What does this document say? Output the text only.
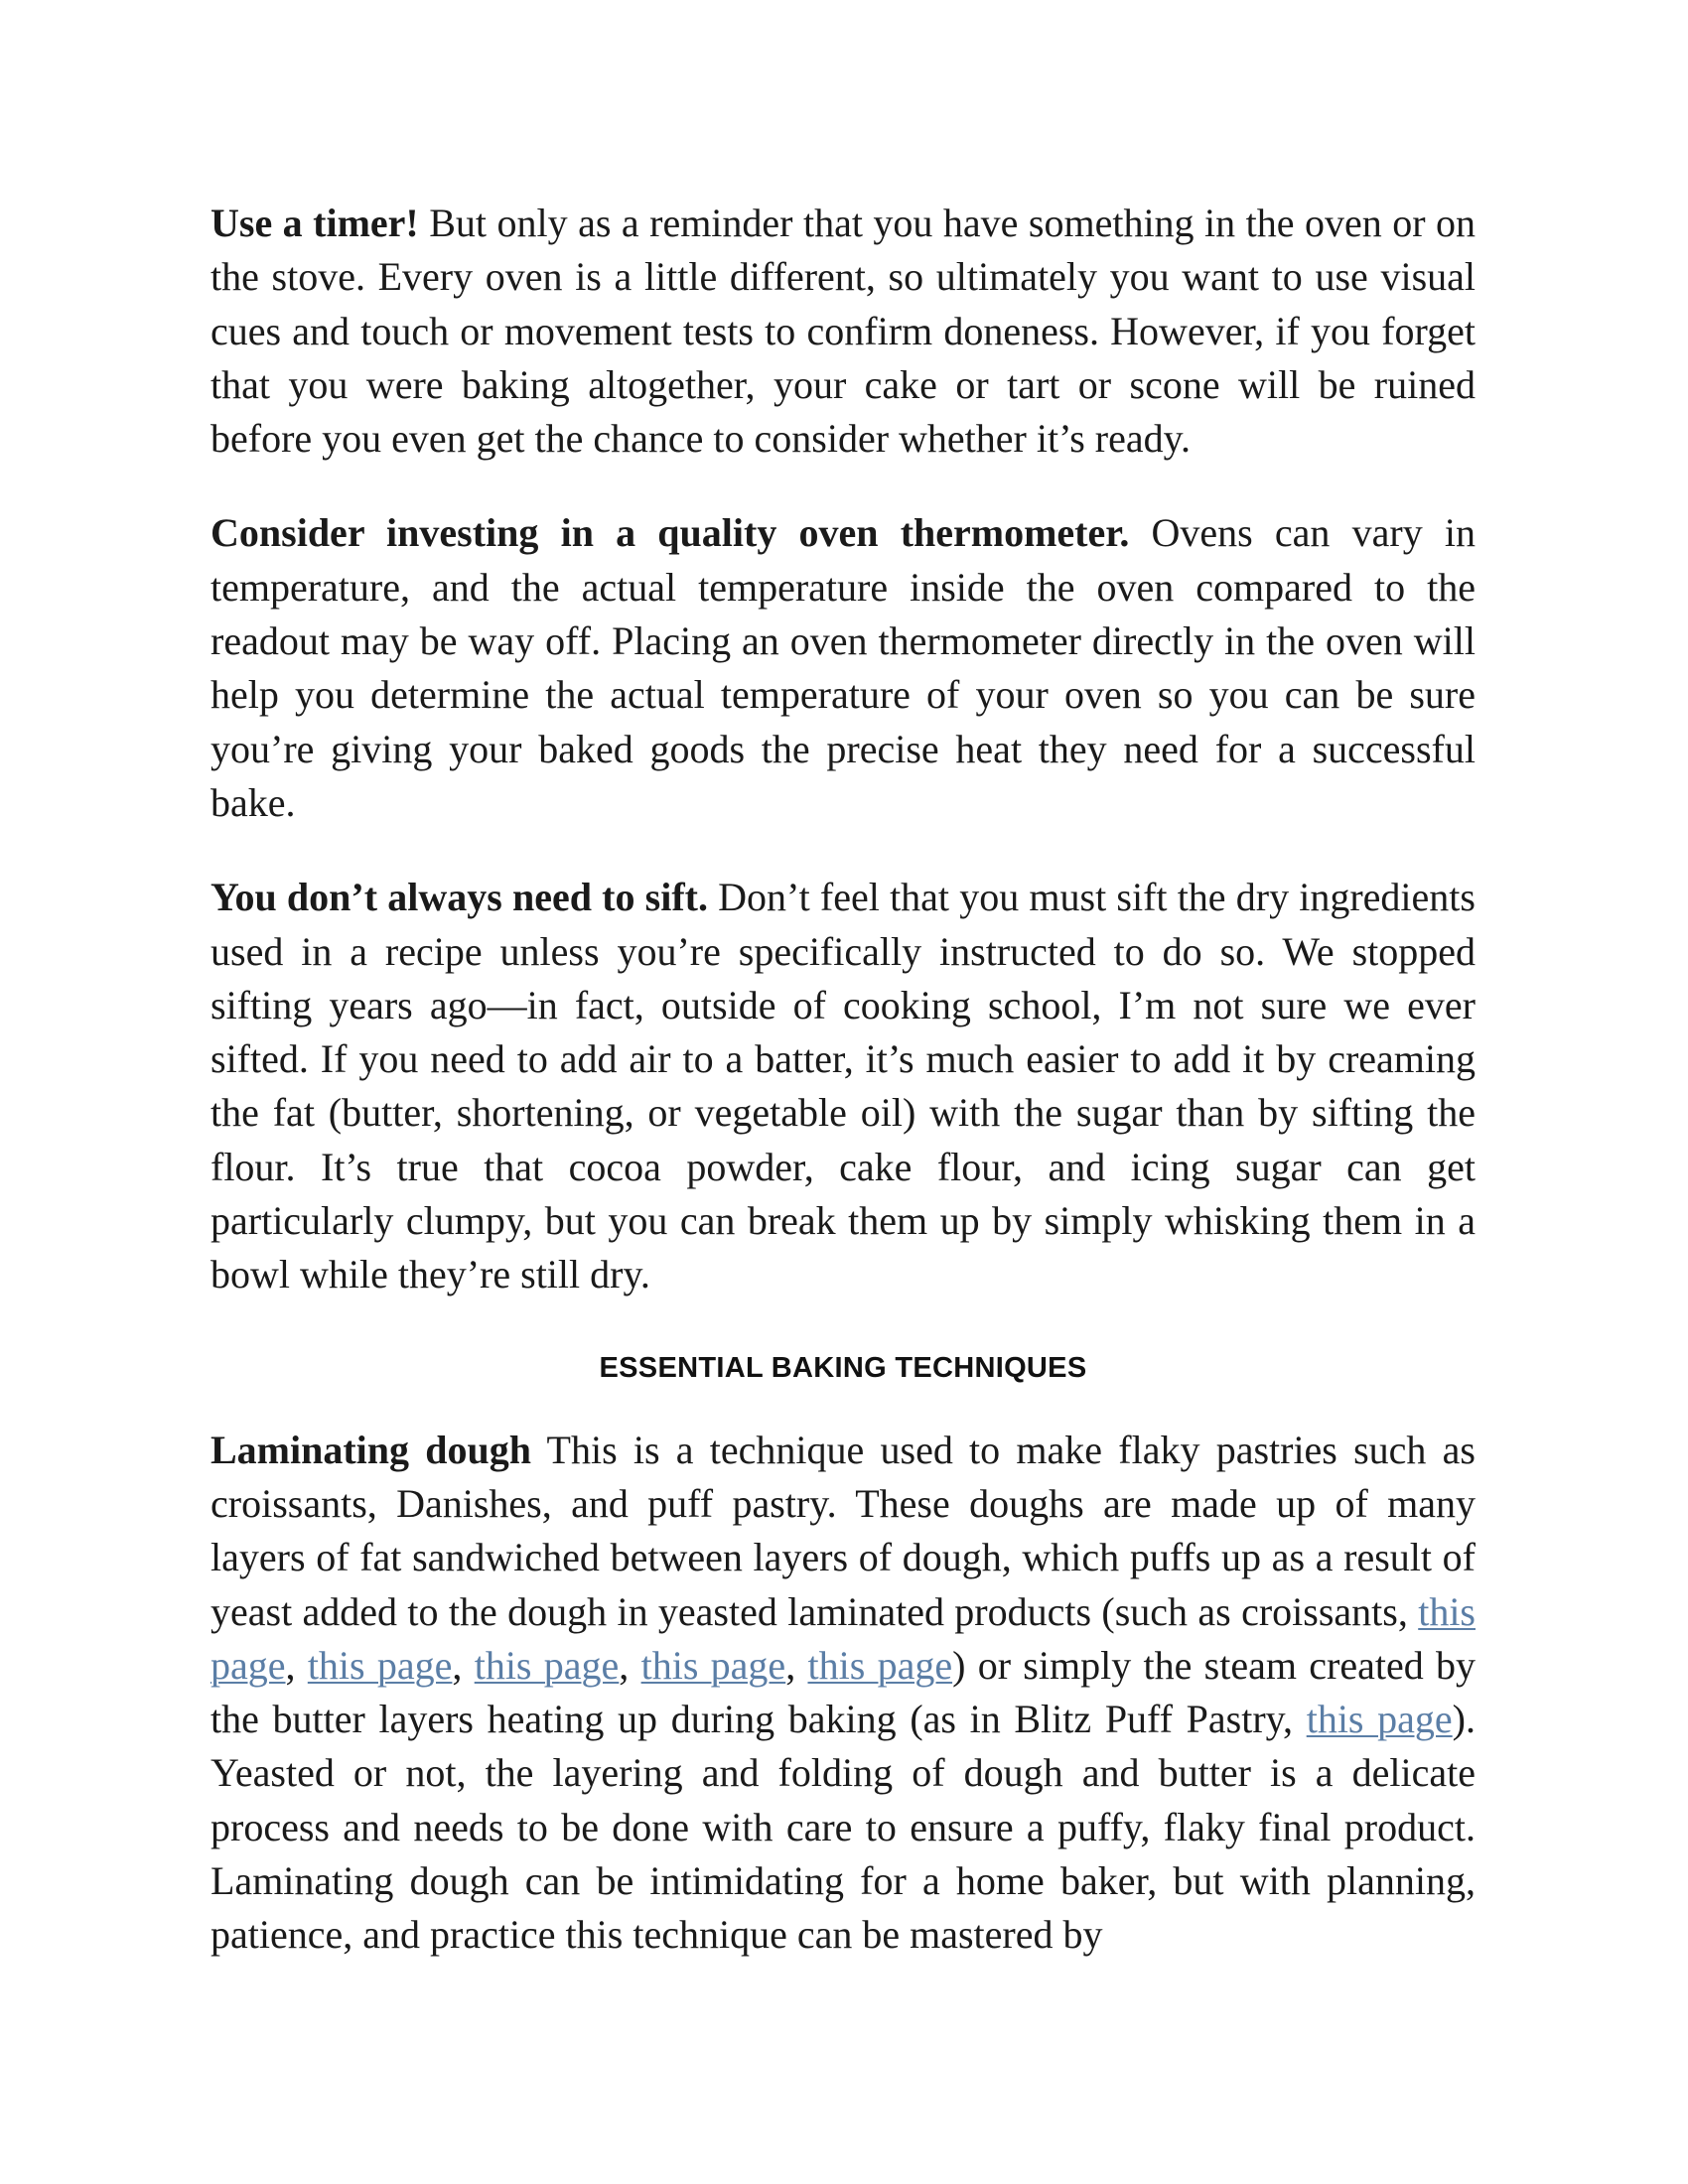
Use a timer! But only as a reminder that you have something in the oven or on the stove. Every oven is a little different, so ultimately you want to use visual cues and touch or movement tests to confirm doneness. However, if you forget that you were baking altogether, your cake or tart or scone will be ruined before you even get the chance to consider whether it’s ready.

Consider investing in a quality oven thermometer. Ovens can vary in temperature, and the actual temperature inside the oven compared to the readout may be way off. Placing an oven thermometer directly in the oven will help you determine the actual temperature of your oven so you can be sure you’re giving your baked goods the precise heat they need for a successful bake.

You don’t always need to sift. Don’t feel that you must sift the dry ingredients used in a recipe unless you’re specifically instructed to do so. We stopped sifting years ago—in fact, outside of cooking school, I’m not sure we ever sifted. If you need to add air to a batter, it’s much easier to add it by creaming the fat (butter, shortening, or vegetable oil) with the sugar than by sifting the flour. It’s true that cocoa powder, cake flour, and icing sugar can get particularly clumpy, but you can break them up by simply whisking them in a bowl while they’re still dry.

ESSENTIAL BAKING TECHNIQUES

Laminating dough This is a technique used to make flaky pastries such as croissants, Danishes, and puff pastry. These doughs are made up of many layers of fat sandwiched between layers of dough, which puffs up as a result of yeast added to the dough in yeasted laminated products (such as croissants, this page, this page, this page, this page, this page) or simply the steam created by the butter layers heating up during baking (as in Blitz Puff Pastry, this page). Yeasted or not, the layering and folding of dough and butter is a delicate process and needs to be done with care to ensure a puffy, flaky final product. Laminating dough can be intimidating for a home baker, but with planning, patience, and practice this technique can be mastered by
